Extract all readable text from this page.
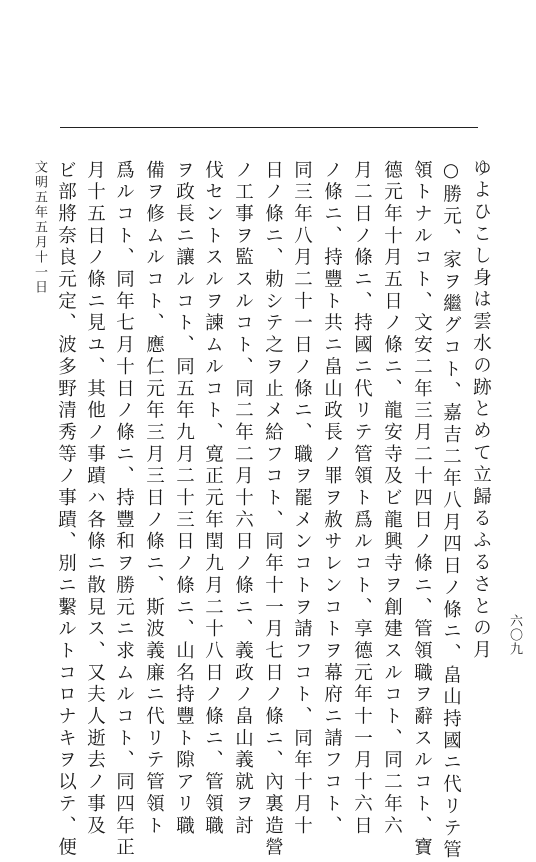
ゆよひこし身は雲水の跡とめて立歸るふるさとの月
○勝元、家ヲ繼グコト、嘉吉二年八月四日ノ條ニ、畠山持國ニ代リテ管
領トナルコト、文安二年三月二十四日ノ條ニ、管領職ヲ辭スルコト、寶
德元年十月五日ノ條ニ、龍安寺及ビ龍興寺ヲ創建スルコト、同二年六
月二日ノ條ニ、持國ニ代リテ管領ト爲ルコト、享德元年十一月十六日
ノ條ニ、持豐ト共ニ畠山政長ノ罪ヲ赦サレンコトヲ幕府ニ請フコト、
同三年八月二十一日ノ條ニ、職ヲ罷メンコトヲ請フコト、同年十月十
日ノ條ニ、勅シテ之ヲ止メ給フコト、同年十一月七日ノ條ニ、內裏造營
ノ工事ヲ監スルコト、同二年二月十六日ノ條ニ、義政ノ畠山義就ヲ討
伐セントスルヲ諫ムルコト、寛正元年閏九月二十八日ノ條ニ、管領職
ヲ政長ニ讓ルコト、同五年九月二十三日ノ條ニ、山名持豐ト隙アリ職
備ヲ修ムルコト、應仁元年三月三日ノ條ニ、斯波義廉ニ代リテ管領ト
爲ルコト、同年七月十日ノ條ニ、持豐和ヲ勝元ニ求ムルコト、同四年正
月十五日ノ條ニ見ユ、其他ノ事蹟ハ各條ニ散見ス、又夫人逝去ノ事及
ビ部將奈良元定、波多野清秀等ノ事蹟、別ニ繫ルトコロナキヲ以テ、便
文明五年五月十一日
六〇九
